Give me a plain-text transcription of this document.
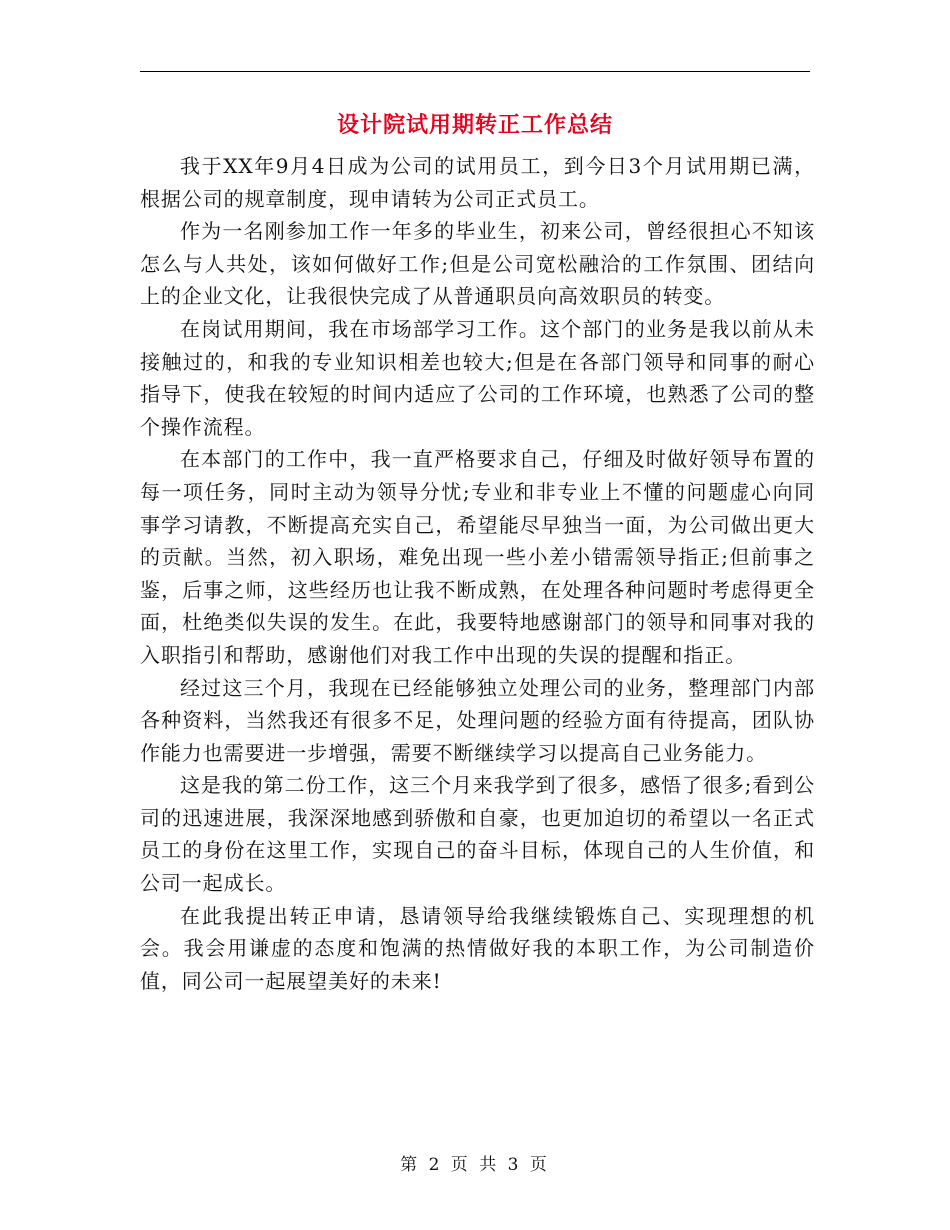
设计院试用期转正工作总结

我于XX年9月4日成为公司的试用员工，到今日3个月试用期已满，根据公司的规章制度，现申请转为公司正式员工。

作为一名刚参加工作一年多的毕业生，初来公司，曾经很担心不知该怎么与人共处，该如何做好工作;但是公司宽松融洽的工作氛围、团结向上的企业文化，让我很快完成了从普通职员向高效职员的转变。

在岗试用期间，我在市场部学习工作。这个部门的业务是我以前从未接触过的，和我的专业知识相差也较大;但是在各部门领导和同事的耐心指导下，使我在较短的时间内适应了公司的工作环境，也熟悉了公司的整个操作流程。

在本部门的工作中，我一直严格要求自己，仔细及时做好领导布置的每一项任务，同时主动为领导分忧;专业和非专业上不懂的问题虚心向同事学习请教，不断提高充实自己，希望能尽早独当一面，为公司做出更大的贡献。当然，初入职场，难免出现一些小差小错需领导指正;但前事之鉴，后事之师，这些经历也让我不断成熟，在处理各种问题时考虑得更全面，杜绝类似失误的发生。在此，我要特地感谢部门的领导和同事对我的入职指引和帮助，感谢他们对我工作中出现的失误的提醒和指正。

经过这三个月，我现在已经能够独立处理公司的业务，整理部门内部各种资料，当然我还有很多不足，处理问题的经验方面有待提高，团队协作能力也需要进一步增强，需要不断继续学习以提高自己业务能力。

这是我的第二份工作，这三个月来我学到了很多，感悟了很多;看到公司的迅速进展，我深深地感到骄傲和自豪，也更加迫切的希望以一名正式员工的身份在这里工作，实现自己的奋斗目标，体现自己的人生价值，和公司一起成长。

在此我提出转正申请，恳请领导给我继续锻炼自己、实现理想的机会。我会用谦虚的态度和饱满的热情做好我的本职工作，为公司制造价值，同公司一起展望美好的未来!

第 2 页 共 3 页
